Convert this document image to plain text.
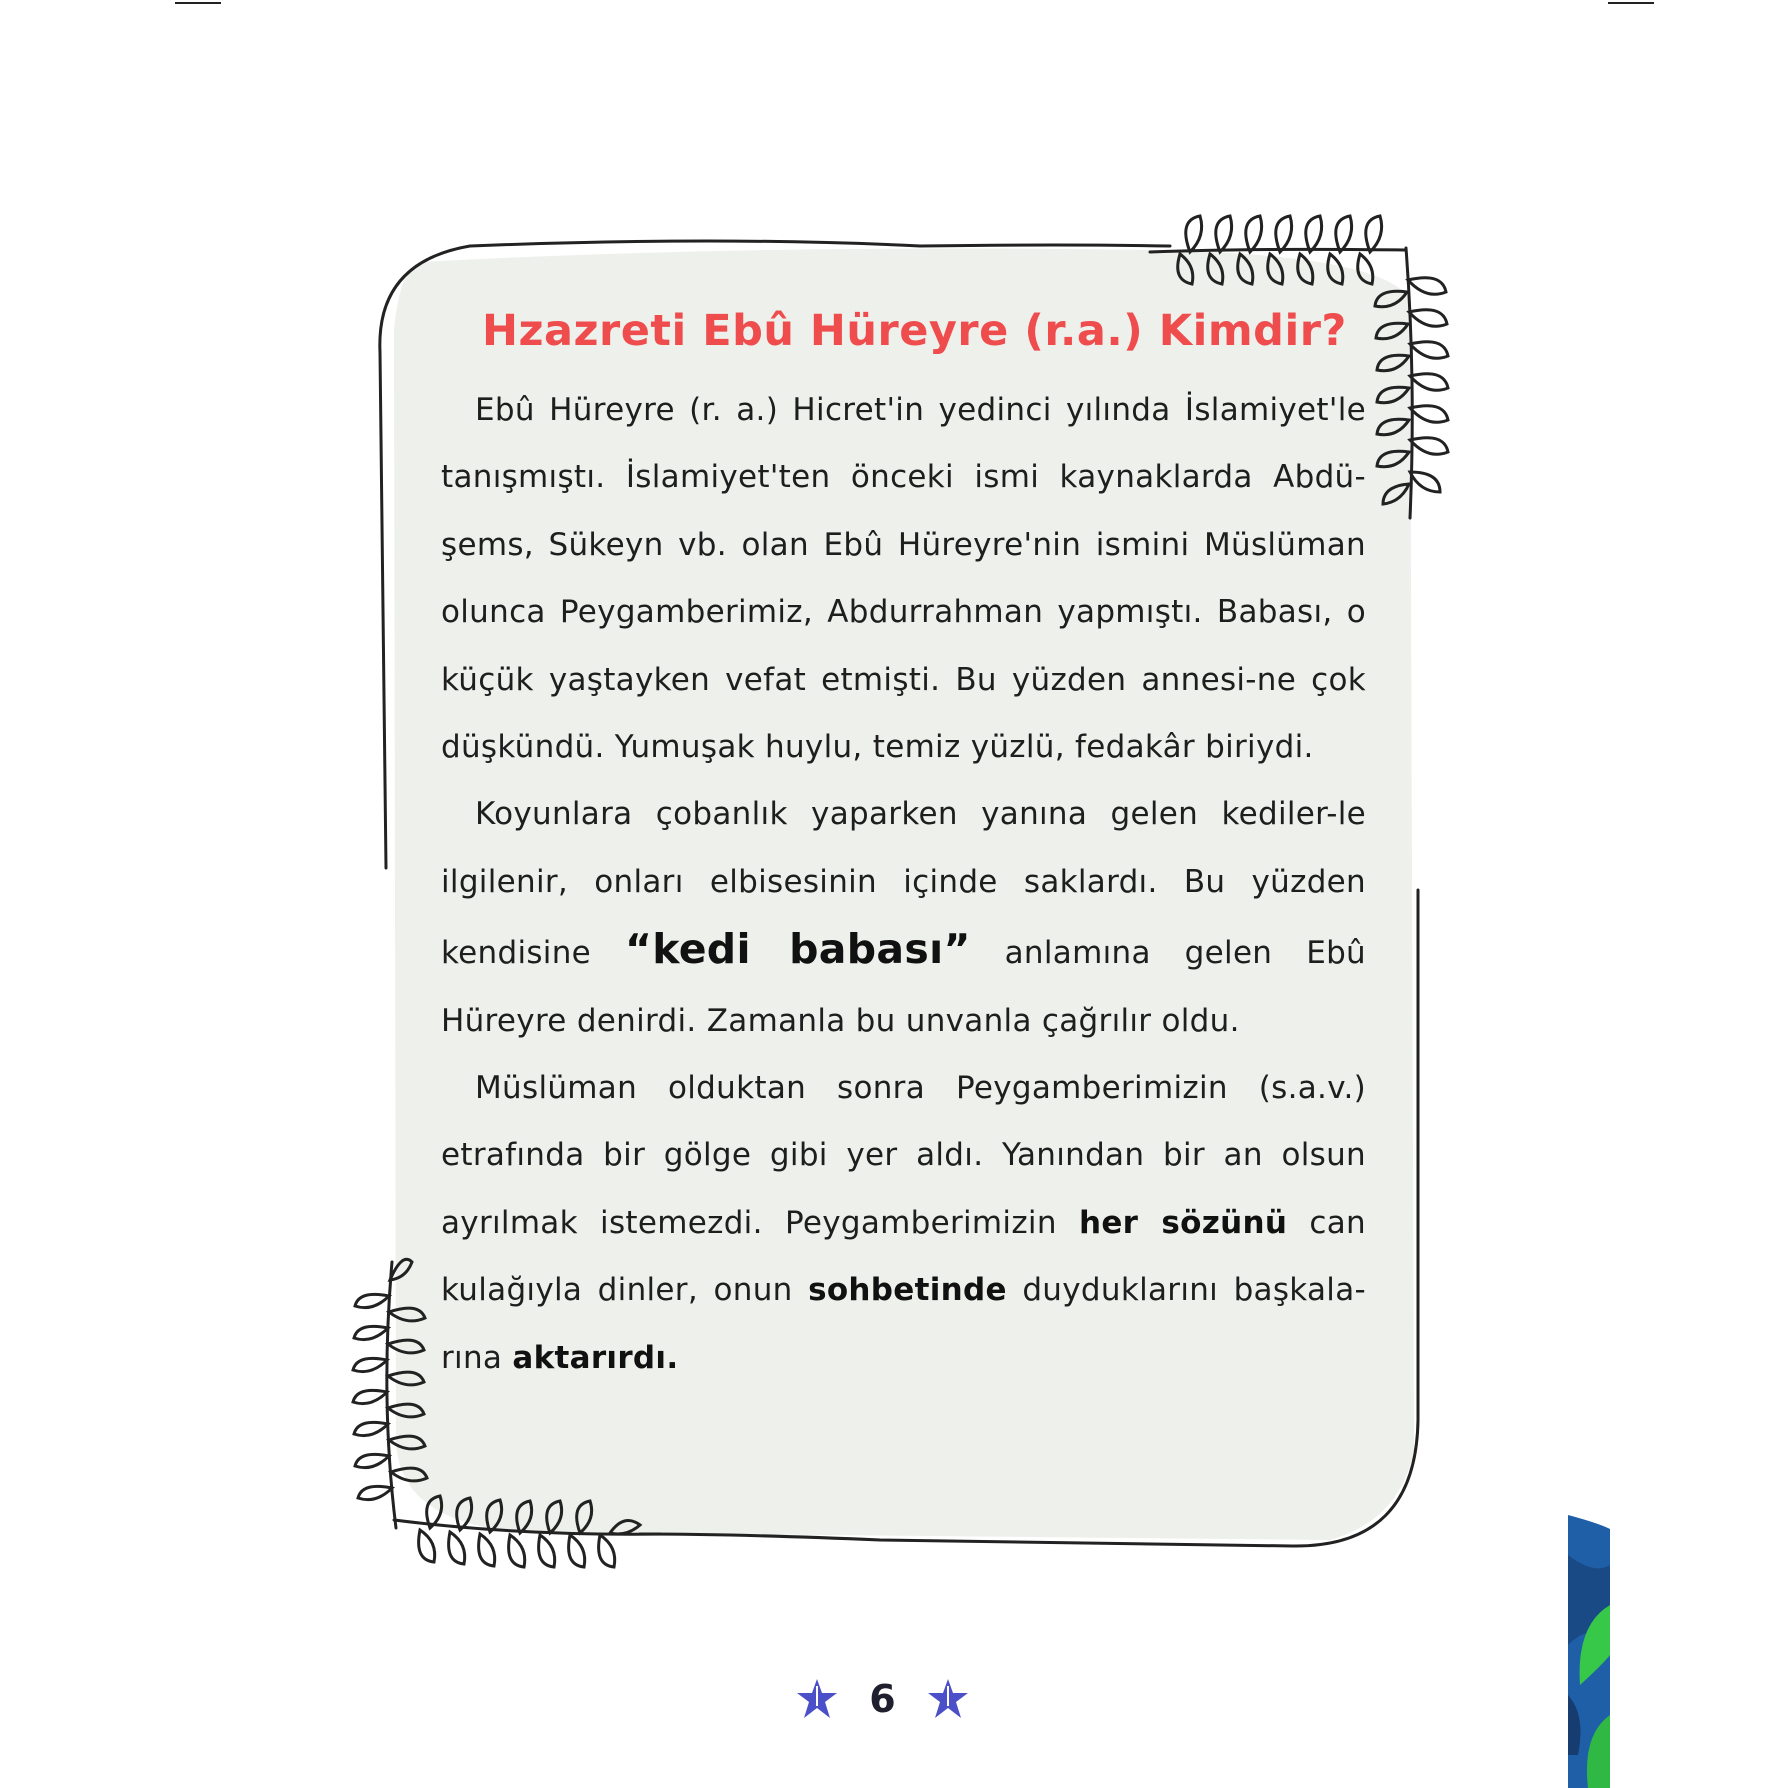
Hzazreti Ebû Hüreyre (r.a.) Kimdir?

Ebû Hüreyre (r. a.) Hicret'in yedinci yılında İslamiyet'le tanışmıştı. İslamiyet'ten önceki ismi kaynaklarda Abdü-şems, Sükeyn vb. olan Ebû Hüreyre'nin ismini Müslüman olunca Peygamberimiz, Abdurrahman yapmıştı. Babası, o küçük yaştayken vefat etmişti. Bu yüzden annesi-ne çok düşkündü. Yumuşak huylu, temiz yüzlü, fedakâr biriydi.

Koyunlara çobanlık yaparken yanına gelen kediler-le ilgilenir, onları elbisesinin içinde saklardı. Bu yüzden kendisine “kedi babası” anlamına gelen Ebû Hüreyre denirdi. Zamanla bu unvanla çağrılır oldu.

Müslüman olduktan sonra Peygamberimizin (s.a.v.) etrafında bir gölge gibi yer aldı. Yanından bir an olsun ayrılmak istemezdi. Peygamberimizin her sözünü can kulağıyla dinler, onun sohbetinde duyduklarını başkala-rına aktarırdı.

6
